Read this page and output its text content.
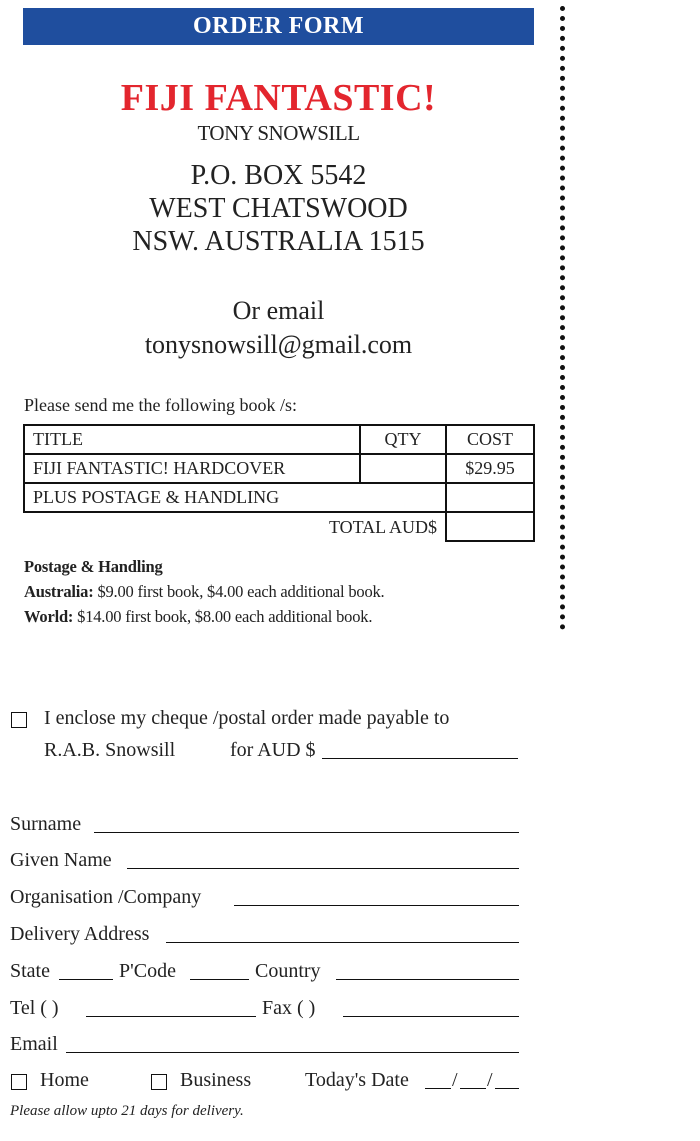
ORDER FORM
FIJI FANTASTIC!
TONY SNOWSILL
P.O. BOX 5542
WEST CHATSWOOD
NSW. AUSTRALIA 1515
Or email
tonysnowsill@gmail.com
Please send me the following book /s:
TITLE	QTY	COST
FIJI FANTASTIC! HARDCOVER		$29.95
PLUS POSTAGE & HANDLING		
TOTAL AUD$		
Postage & Handling
Australia: $9.00 first book, $4.00 each additional book.
World: $14.00 first book, $8.00 each additional book.
I enclose my cheque /postal order made payable to
R.A.B. Snowsill	for AUD $
Surname
Given Name
Organisation /Company
Delivery Address
State	P'Code	Country
Tel ( )	Fax ( )
Email
Home	Business	Today's Date / /
Please allow upto 21 days for delivery.
